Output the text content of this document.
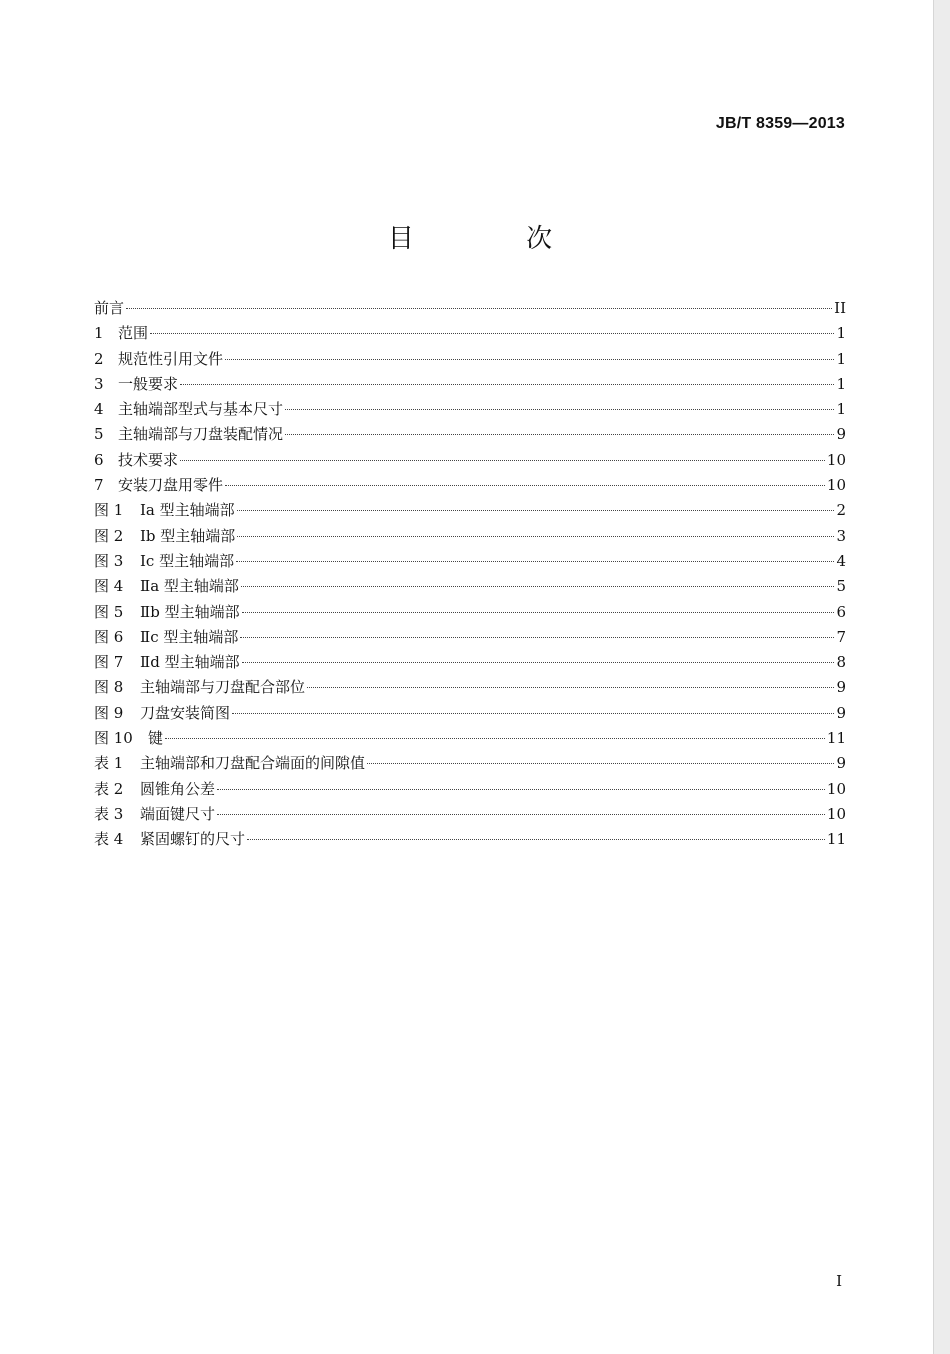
JB/T 8359—2013
目 次
前言	II
1 范围	1
2 规范性引用文件	1
3 一般要求	1
4 主轴端部型式与基本尺寸	1
5 主轴端部与刀盘装配情况	9
6 技术要求	10
7 安装刀盘用零件	10
图 1	Ⅰa 型主轴端部	2
图 2	Ⅰb 型主轴端部	3
图 3	Ⅰc 型主轴端部	4
图 4	Ⅱa 型主轴端部	5
图 5	Ⅱb 型主轴端部	6
图 6	Ⅱc 型主轴端部	7
图 7	Ⅱd 型主轴端部	8
图 8	主轴端部与刀盘配合部位	9
图 9	刀盘安装简图	9
图 10	键	11
表 1	主轴端部和刀盘配合端面的间隙值	9
表 2	圆锥角公差	10
表 3	端面键尺寸	10
表 4	紧固螺钉的尺寸	11
I
